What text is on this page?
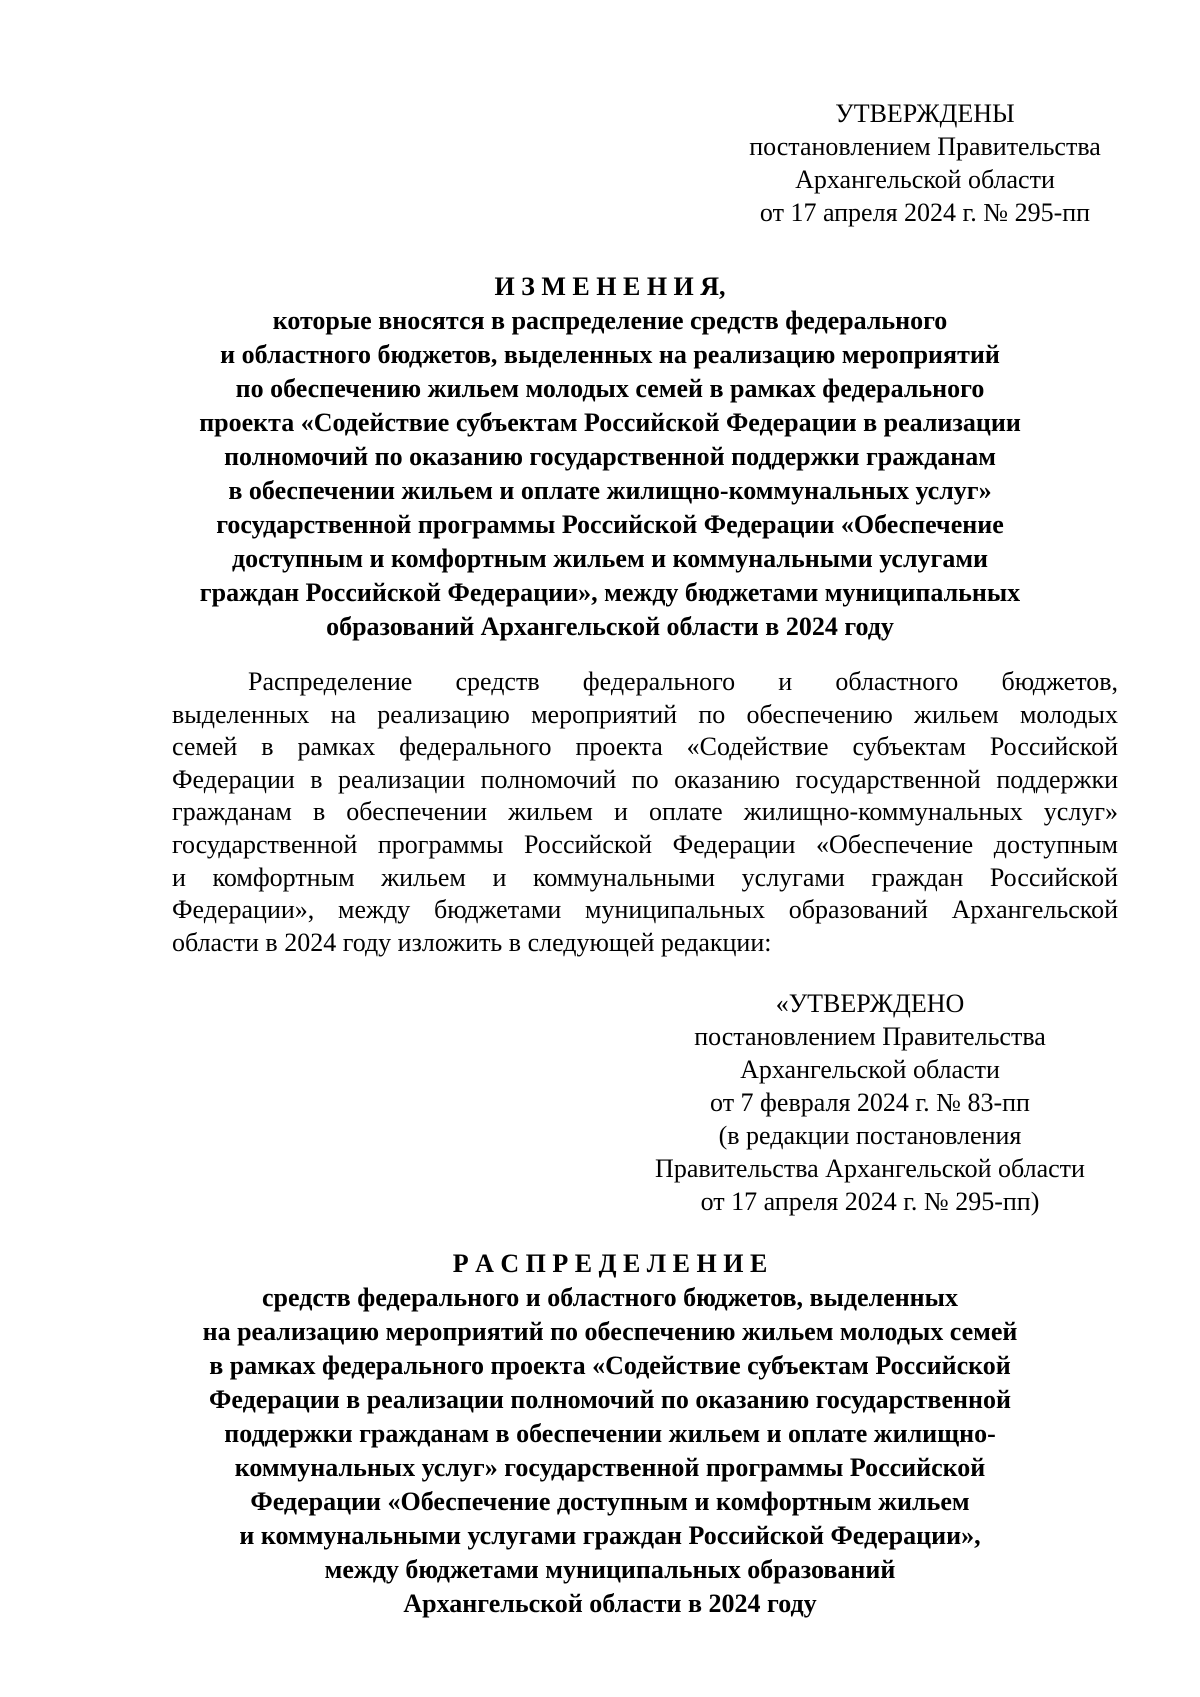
УТВЕРЖДЕНЫ
постановлением Правительства
Архангельской области
от 17 апреля 2024 г. № 295-пп
И З М Е Н Е Н И Я,
которые вносятся в распределение средств федерального
и областного бюджетов, выделенных на реализацию мероприятий
по обеспечению жильем молодых семей в рамках федерального
проекта «Содействие субъектам Российской Федерации в реализации
полномочий по оказанию государственной поддержки гражданам
в обеспечении жильем и оплате жилищно-коммунальных услуг»
государственной программы Российской Федерации «Обеспечение
доступным и комфортным жильем и коммунальными услугами
граждан Российской Федерации», между бюджетами муниципальных
образований Архангельской области в 2024 году
Распределение средств федерального и областного бюджетов,
выделенных на реализацию мероприятий по обеспечению жильем молодых
семей в рамках федерального проекта «Содействие субъектам Российской
Федерации в реализации полномочий по оказанию государственной поддержки
гражданам в обеспечении жильем и оплате жилищно-коммунальных услуг»
государственной программы Российской Федерации «Обеспечение доступным
и комфортным жильем и коммунальными услугами граждан Российской
Федерации», между бюджетами муниципальных образований Архангельской
области в 2024 году изложить в следующей редакции:
«УТВЕРЖДЕНО
постановлением Правительства
Архангельской области
от 7 февраля 2024 г. № 83-пп
(в редакции постановления
Правительства Архангельской области
от 17 апреля 2024 г. № 295-пп)
Р А С П Р Е Д Е Л Е Н И Е
средств федерального и областного бюджетов, выделенных
на реализацию мероприятий по обеспечению жильем молодых семей
в рамках федерального проекта «Содействие субъектам Российской
Федерации в реализации полномочий по оказанию государственной
поддержки гражданам в обеспечении жильем и оплате жилищно-
коммунальных услуг» государственной программы Российской
Федерации «Обеспечение доступным и комфортным жильем
и коммунальными услугами граждан Российской Федерации»,
между бюджетами муниципальных образований
Архангельской области в 2024 году
